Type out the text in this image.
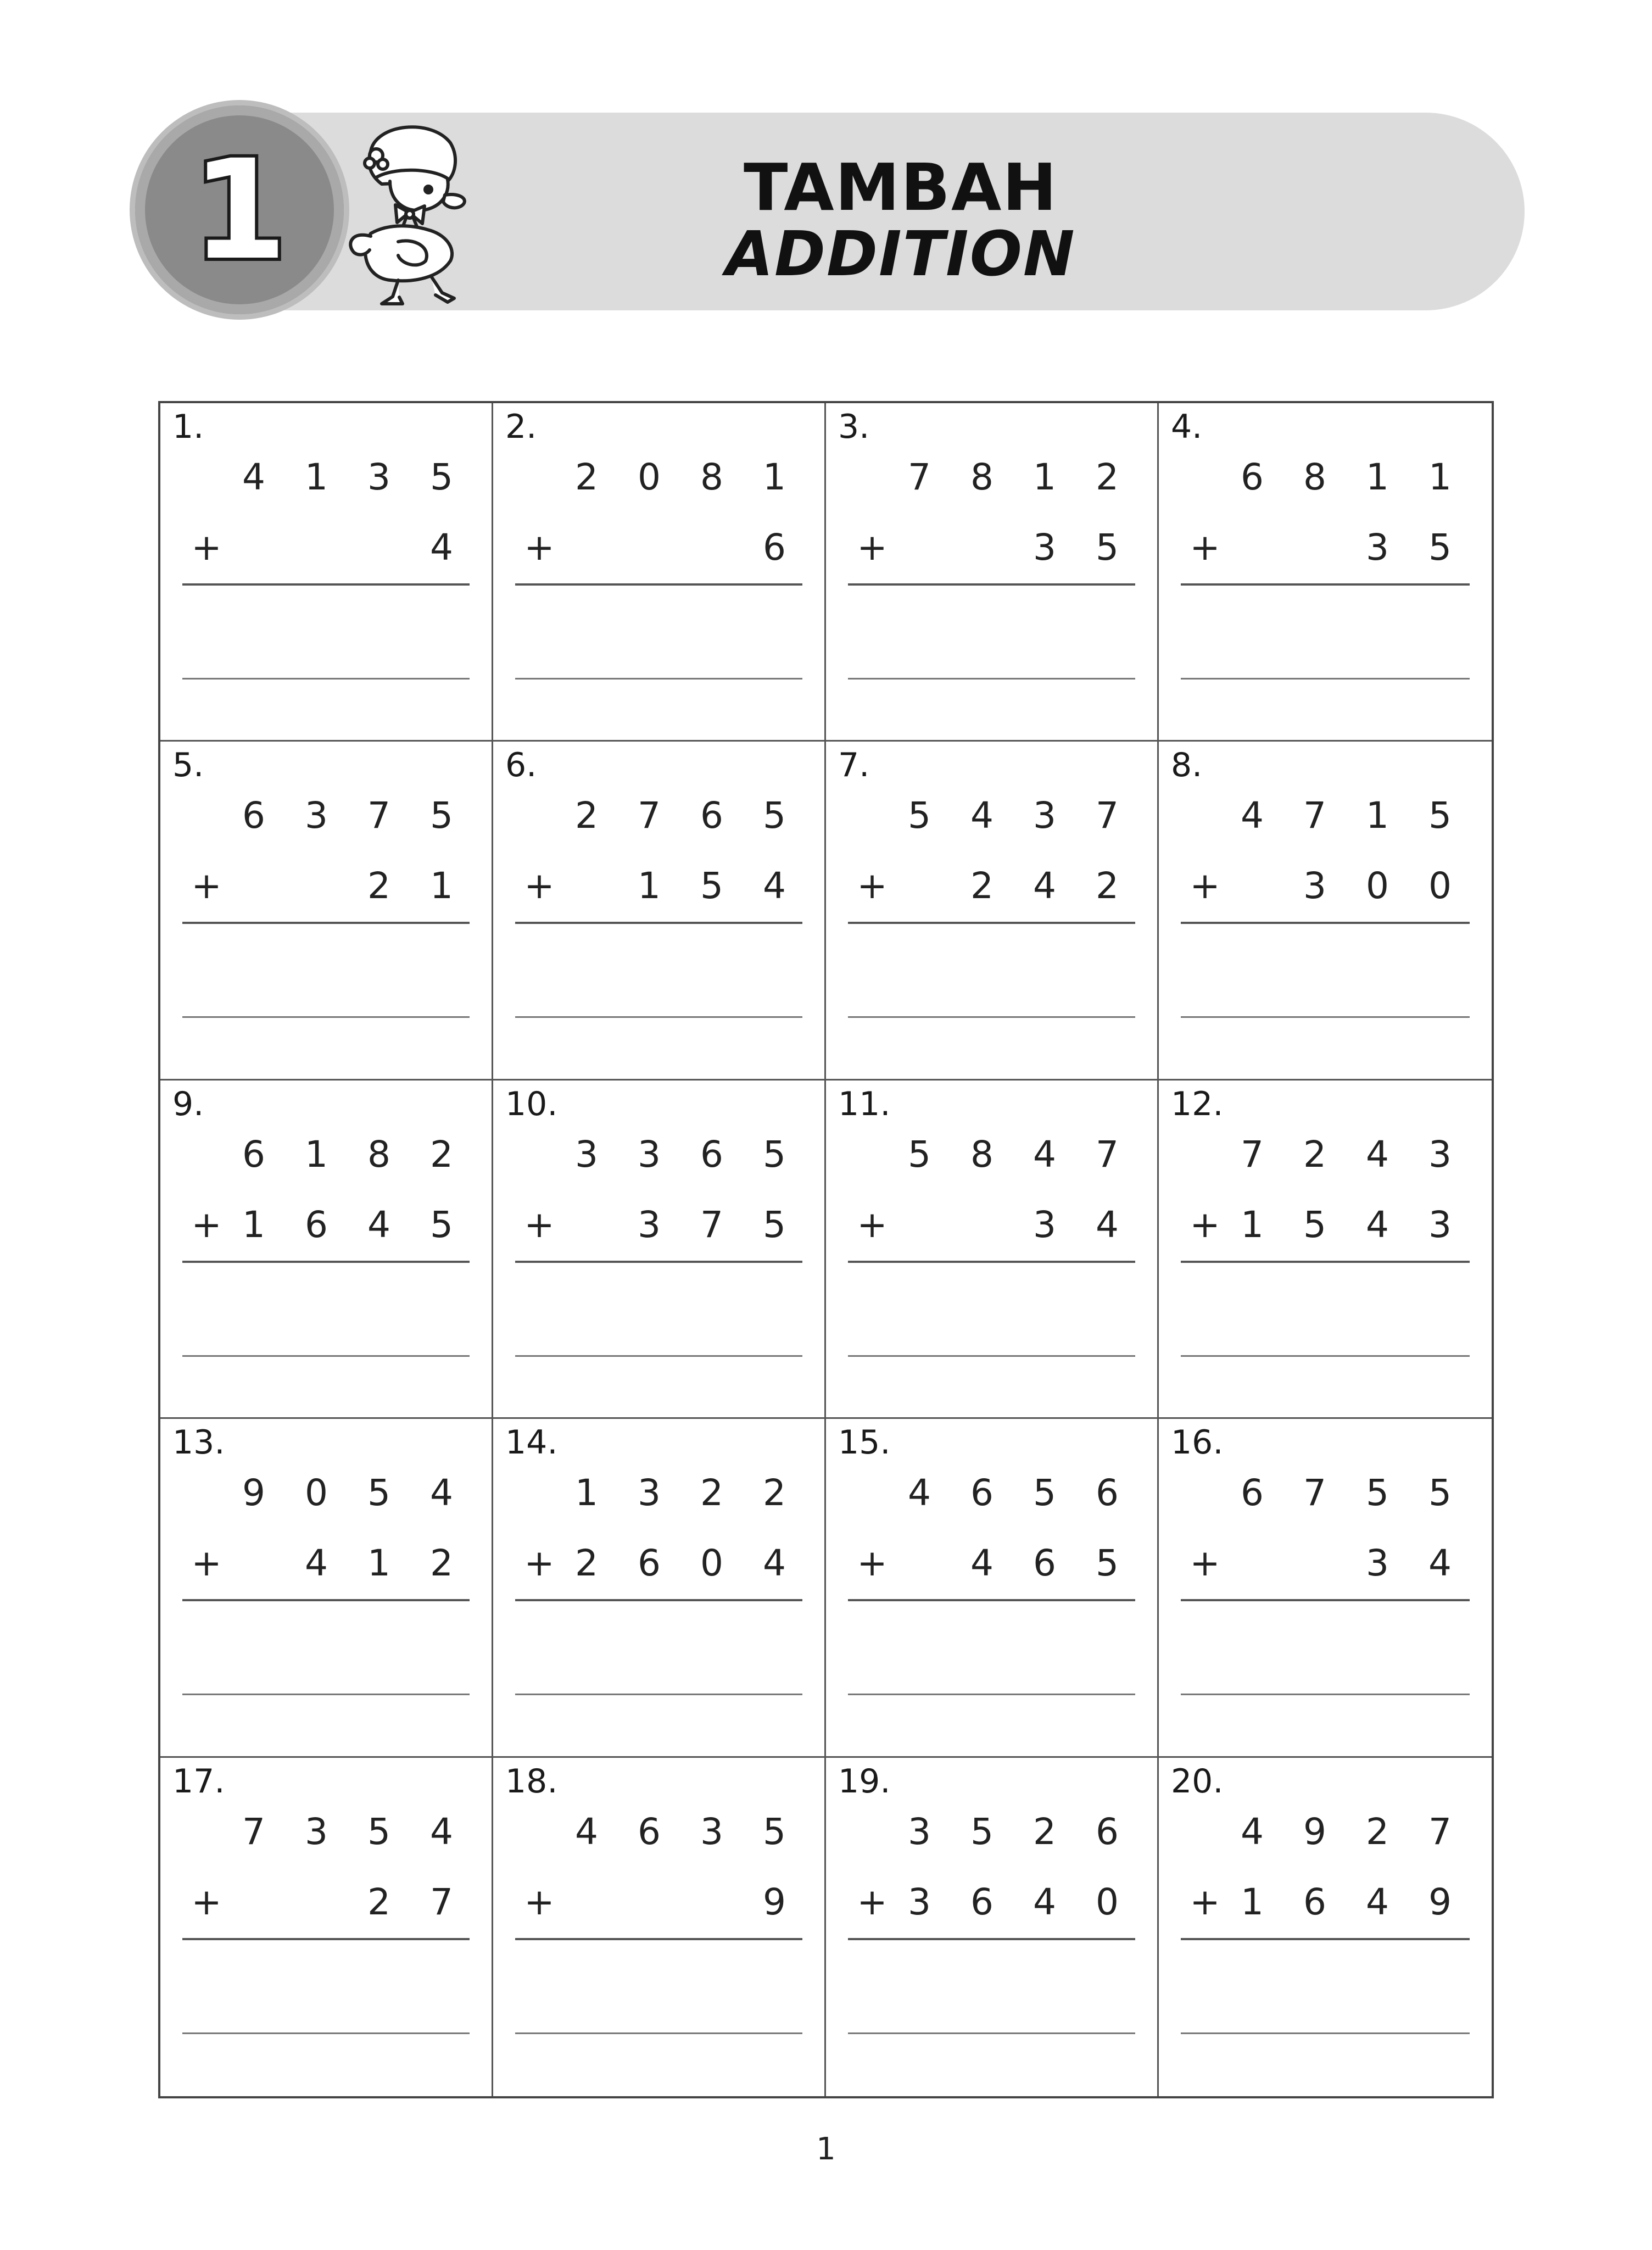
1	TAMBAH
ADDITION
1.
4 1 3 5
+	4
2.
2 0 8 1
+	6
3.
7 8 1 2
+	3 5
4.
6 8 1 1
+	3 5
5.
6 3 7 5
+	2 1
6.
2 7 6 5
+ 1 5 4
7.
5 4 3 7
+ 2 4 2
8.
4 7 1 5
+ 3 0 0
9.
6 1 8 2
+ 1 6 4 5
10.
3 3 6 5
+ 3 7 5
11.
5 8 4 7
+	3 4
12.
7 2 4 3
+ 1 5 4 3
13.
9 0 5 4
+ 4 1 2
14.
1 3 2 2
+ 2 6 0 4
15.
4 6 5 6
+ 4 6 5
16.
6 7 5 5
+	3 4
17.
7 3 5 4
+	2 7
18.
4 6 3 5
+	9
19.
3 5 2 6
+ 3 6 4 0
20.
4 9 2 7
+ 1 6 4 9
1
